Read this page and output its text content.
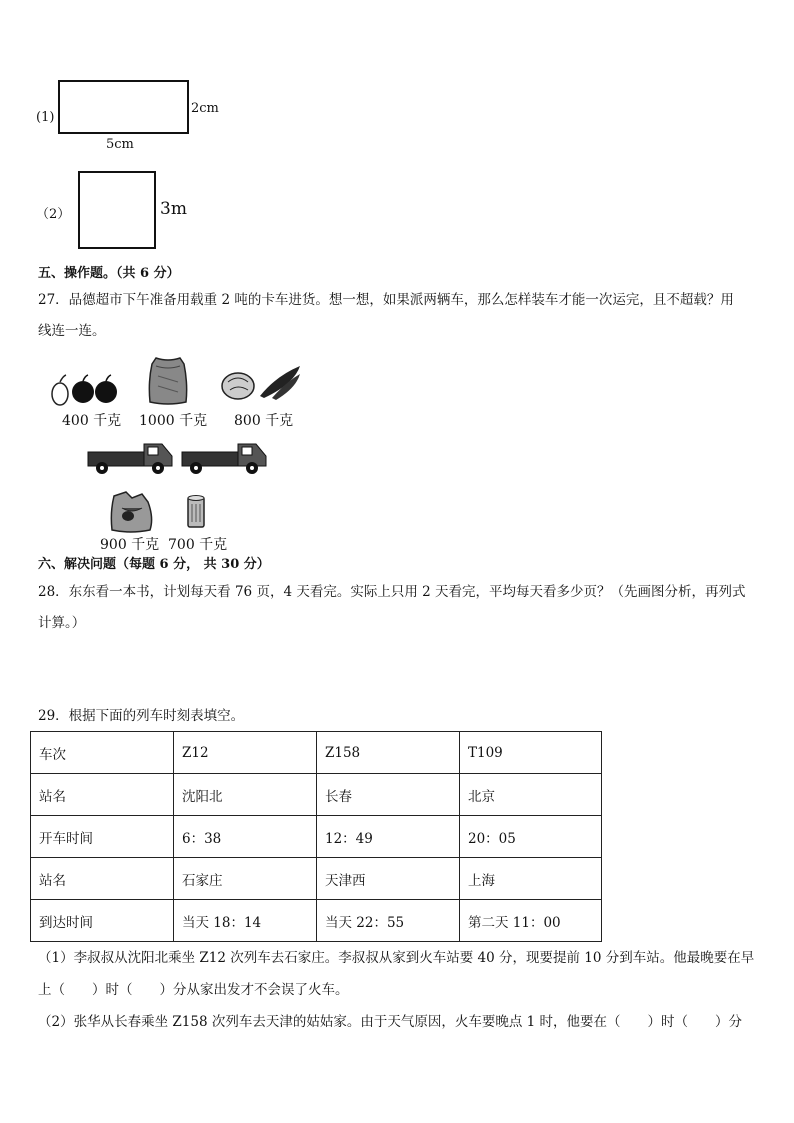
(1)
2cm
5cm
（2）	3m
五、操作题。（共 6 分）
27．品德超市下午准备用载重 2 吨的卡车进货。想一想，如果派两辆车，那么怎样装车才能一次运完，且不超载？用
线连一连。
400 千克 1000 千克 800 千克
900 千克 700 千克
六、解决问题（每题 6 分， 共 30 分）
28．东东看一本书，计划每天看 76 页，4 天看完。实际上只用 2 天看完，平均每天看多少页？（先画图分析，再列式
计算。）
29．根据下面的列车时刻表填空。
车次	Z12	Z158	T109
站名	沈阳北	长春	北京
开车时间	6：38	12：49	20：05
站名	石家庄	天津西	上海
到达时间	当天 18：14	当天 22：55	第二天 11：00
（1）李叔叔从沈阳北乘坐 Z12 次列车去石家庄。李叔叔从家到火车站要 40 分，现要提前 10 分到车站。他最晚要在早
上（　　）时（　　）分从家出发才不会误了火车。
（2）张华从长春乘坐 Z158 次列车去天津的姑姑家。由于天气原因，火车要晚点 1 时，他要在（　　）时（　　）分
